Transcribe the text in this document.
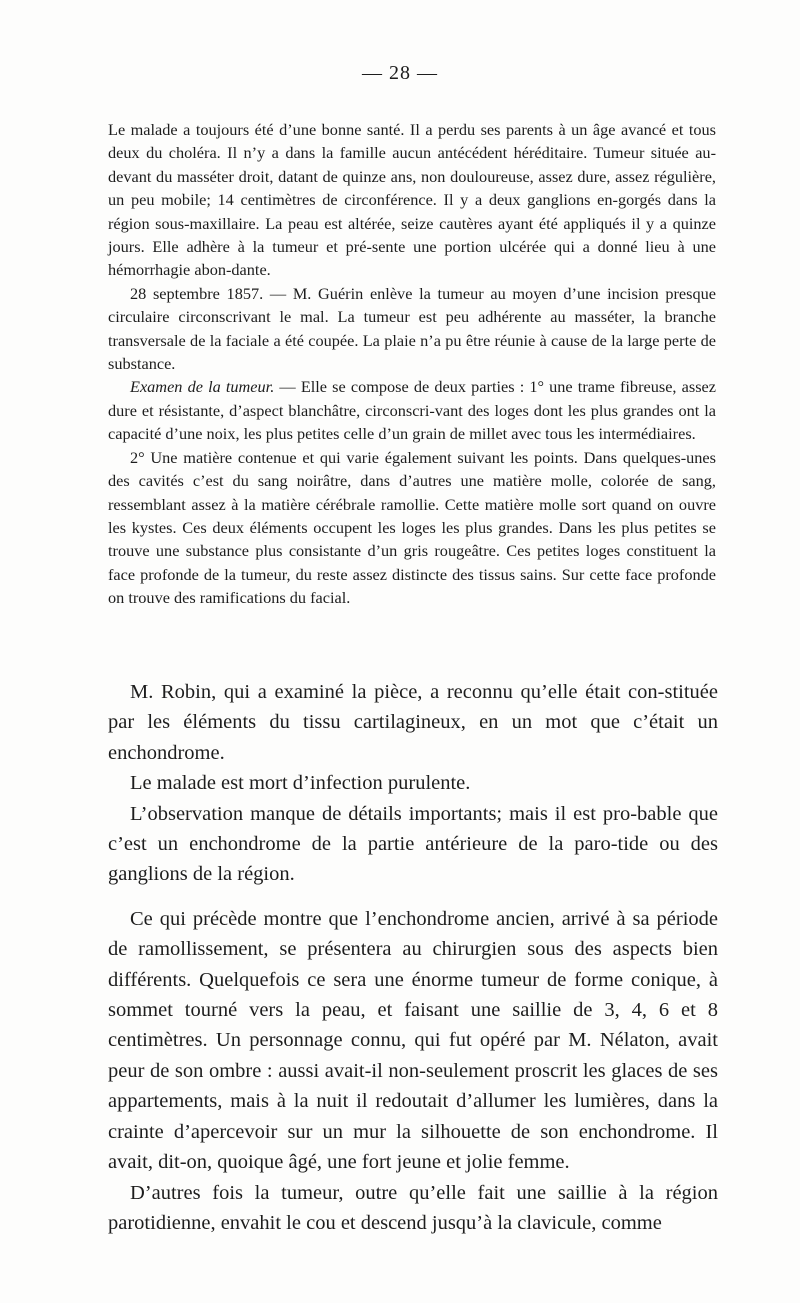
— 28 —

Le malade a toujours été d’une bonne santé. Il a perdu ses parents à un âge avancé et tous deux du choléra. Il n’y a dans la famille aucun antécédent héréditaire. Tumeur située au-devant du masséter droit, datant de quinze ans, non douloureuse, assez dure, assez régulière, un peu mobile; 14 centimètres de circonférence. Il y a deux ganglions en-gorgés dans la région sous-maxillaire. La peau est altérée, seize cautères ayant été appliqués il y a quinze jours. Elle adhère à la tumeur et pré-sente une portion ulcérée qui a donné lieu à une hémorrhagie abon-dante.

28 septembre 1857. — M. Guérin enlève la tumeur au moyen d’une incision presque circulaire circonscrivant le mal. La tumeur est peu adhérente au masséter, la branche transversale de la faciale a été coupée. La plaie n’a pu être réunie à cause de la large perte de substance.

Examen de la tumeur. — Elle se compose de deux parties : 1° une trame fibreuse, assez dure et résistante, d’aspect blanchâtre, circonscri-vant des loges dont les plus grandes ont la capacité d’une noix, les plus petites celle d’un grain de millet avec tous les intermédiaires.

2° Une matière contenue et qui varie également suivant les points. Dans quelques-unes des cavités c’est du sang noirâtre, dans d’autres une matière molle, colorée de sang, ressemblant assez à la matière cérébrale ramollie. Cette matière molle sort quand on ouvre les kystes. Ces deux éléments occupent les loges les plus grandes. Dans les plus petites se trouve une substance plus consistante d’un gris rougeâtre. Ces petites loges constituent la face profonde de la tumeur, du reste assez distincte des tissus sains. Sur cette face profonde on trouve des ramifications du facial.

M. Robin, qui a examiné la pièce, a reconnu qu’elle était con-stituée par les éléments du tissu cartilagineux, en un mot que c’était un enchondrome.

Le malade est mort d’infection purulente.

L’observation manque de détails importants; mais il est pro-bable que c’est un enchondrome de la partie antérieure de la paro-tide ou des ganglions de la région.

Ce qui précède montre que l’enchondrome ancien, arrivé à sa période de ramollissement, se présentera au chirurgien sous des aspects bien différents. Quelquefois ce sera une énorme tumeur de forme conique, à sommet tourné vers la peau, et faisant une saillie de 3, 4, 6 et 8 centimètres. Un personnage connu, qui fut opéré par M. Nélaton, avait peur de son ombre : aussi avait-il non-seulement proscrit les glaces de ses appartements, mais à la nuit il redoutait d’allumer les lumières, dans la crainte d’apercevoir sur un mur la silhouette de son enchondrome. Il avait, dit-on, quoique âgé, une fort jeune et jolie femme.

D’autres fois la tumeur, outre qu’elle fait une saillie à la région parotidienne, envahit le cou et descend jusqu’à la clavicule, comme
